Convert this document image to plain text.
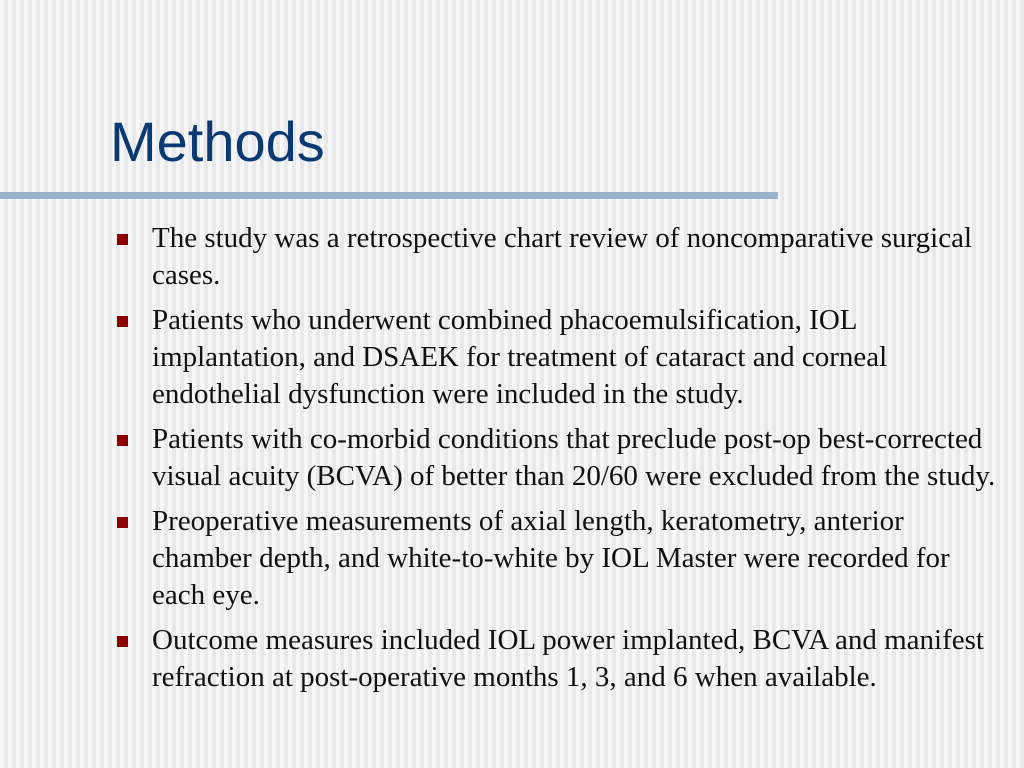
Methods
The study was a retrospective chart review of noncomparative surgical cases.
Patients who underwent combined phacoemulsification, IOL implantation, and DSAEK for treatment of cataract and corneal endothelial dysfunction were included in the study.
Patients with co-morbid conditions that preclude post-op best-corrected visual acuity (BCVA) of better than 20/60 were excluded from the study.
Preoperative measurements of axial length, keratometry, anterior chamber depth, and white-to-white by IOL Master were recorded for each eye.
Outcome measures included IOL power implanted, BCVA and manifest refraction at post-operative months 1, 3, and 6 when available.
